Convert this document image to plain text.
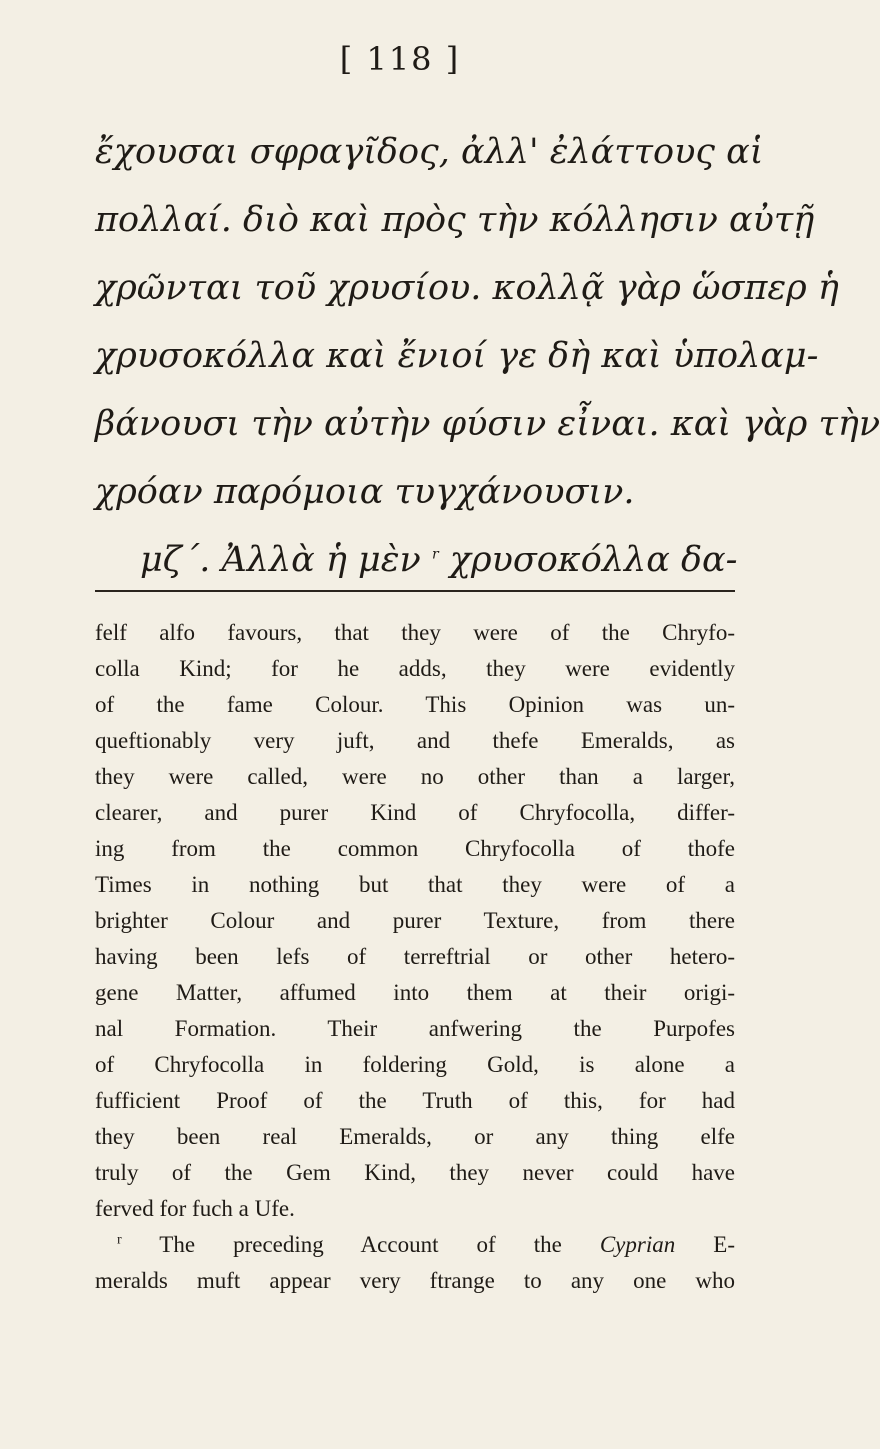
[ 118 ]
ἔχουσαι σφραγῖδος, ἀλλ' ἐλάττους αἱ
πολλαί. διὸ καὶ πρὸς τὴν κόλλησιν αὐτῇ
χρῶνται τοῦ χρυσίου. κολλᾷ γὰρ ὥσπερ ἡ
χρυσοκόλλα καὶ ἔνιοί γε δὴ καὶ ὑπολαμ-
βάνουσι τὴν αὐτὴν φύσιν εἶναι. καὶ γὰρ τὴν
χρόαν παρόμοια τυγχάνουσιν.
μζ΄. Ἀλλὰ ἡ μὲν $^r$ χρυσοκόλλα δα-
felf alfo favours, that they were of the Chryfo-
colla Kind; for he adds, they were evidently
of the fame Colour. This Opinion was un-
queftionably very juft, and thefe Emeralds, as
they were called, were no other than a larger,
clearer, and purer Kind of Chryfocolla, differ-
ing from the common Chryfocolla of thofe
Times in nothing but that they were of a
brighter Colour and purer Texture, from there
having been lefs of terreftrial or other hetero-
gene Matter, affumed into them at their origi-
nal Formation. Their anfwering the Purpofes
of Chryfocolla in foldering Gold, is alone a
fufficient Proof of the Truth of this, for had
they been real Emeralds, or any thing elfe
truly of the Gem Kind, they never could have
ferved for fuch a Ufe.
$^r$ The preceding Account of the Cyprian E-
meralds muft appear very ftrange to any one who
